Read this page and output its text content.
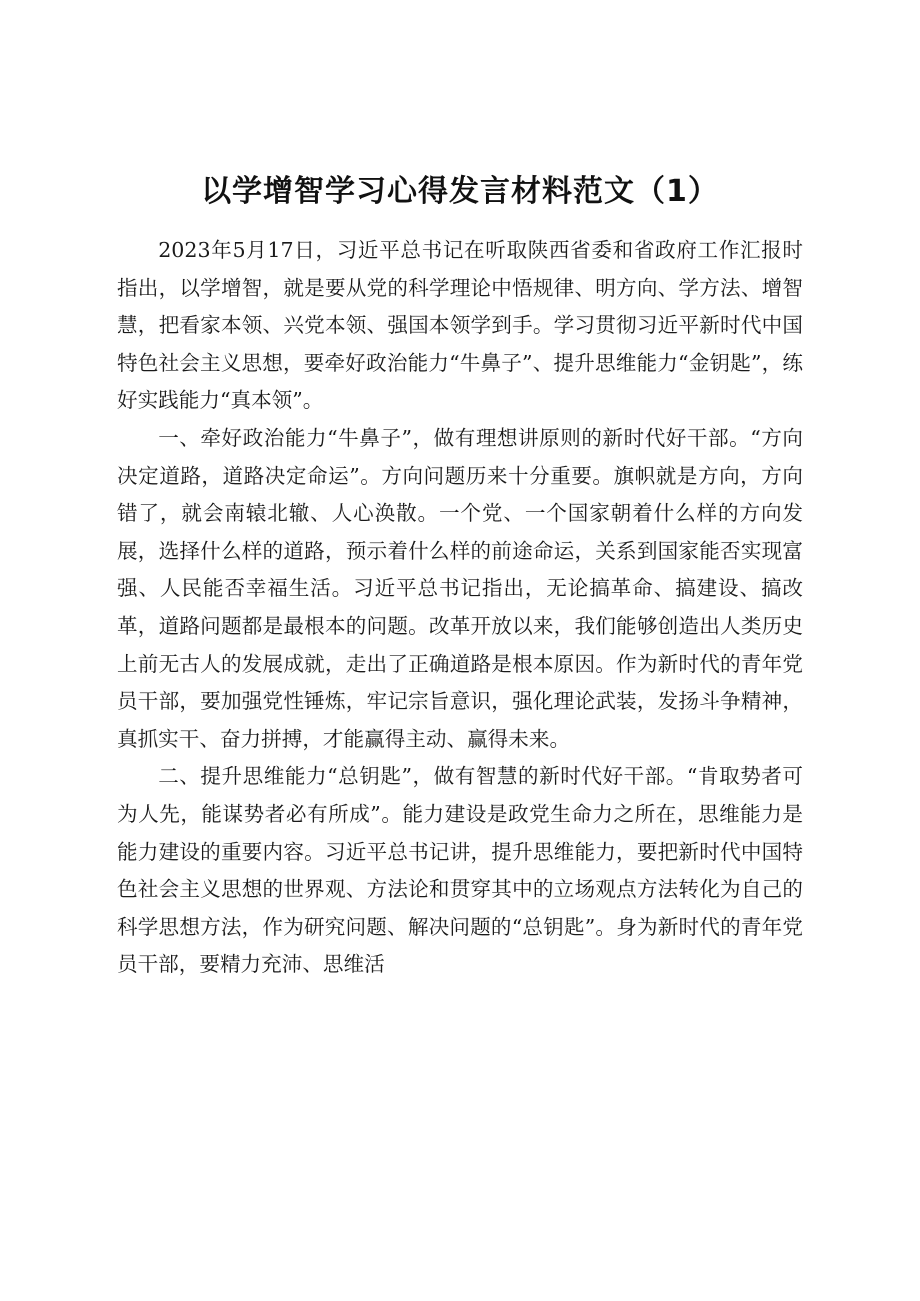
以学增智学习心得发言材料范文（1）

2023年5月17日，习近平总书记在听取陕西省委和省政府工作汇报时指出，以学增智，就是要从党的科学理论中悟规律、明方向、学方法、增智慧，把看家本领、兴党本领、强国本领学到手。学习贯彻习近平新时代中国特色社会主义思想，要牵好政治能力“牛鼻子”、提升思维能力“金钥匙”，练好实践能力“真本领”。

一、牵好政治能力“牛鼻子”，做有理想讲原则的新时代好干部。“方向决定道路，道路决定命运”。方向问题历来十分重要。旗帜就是方向，方向错了，就会南辕北辙、人心涣散。一个党、一个国家朝着什么样的方向发展，选择什么样的道路，预示着什么样的前途命运，关系到国家能否实现富强、人民能否幸福生活。习近平总书记指出，无论搞革命、搞建设、搞改革，道路问题都是最根本的问题。改革开放以来，我们能够创造出人类历史上前无古人的发展成就，走出了正确道路是根本原因。作为新时代的青年党员干部，要加强党性锤炼，牢记宗旨意识，强化理论武装，发扬斗争精神，真抓实干、奋力拼搏，才能赢得主动、赢得未来。

二、提升思维能力“总钥匙”，做有智慧的新时代好干部。“肯取势者可为人先，能谋势者必有所成”。能力建设是政党生命力之所在，思维能力是能力建设的重要内容。习近平总书记讲，提升思维能力，要把新时代中国特色社会主义思想的世界观、方法论和贯穿其中的立场观点方法转化为自己的科学思想方法，作为研究问题、解决问题的“总钥匙”。身为新时代的青年党员干部，要精力充沛、思维活
